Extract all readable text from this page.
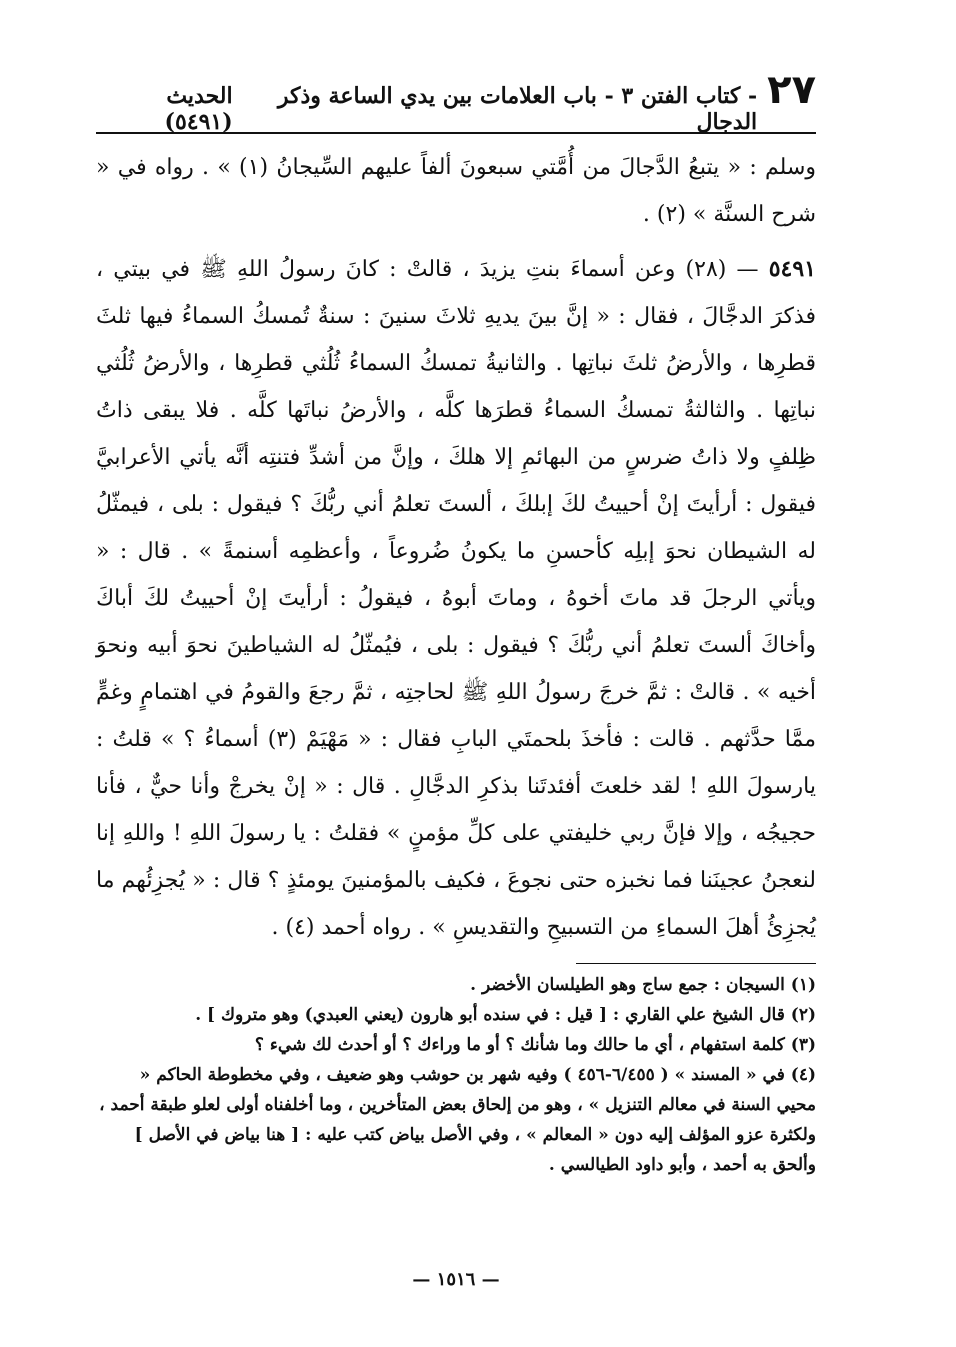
٢٧
- كتاب الفتن ٣ - باب العلامات بين يدي الساعة وذكر الدجال
الحديث (٥٤٩١)

وسلم : « يتبعُ الدَّجالَ من أُمَّتي سبعونَ ألفاً عليهم السِّيجانُ (١) » . رواه في « شرح السنَّة » (٢) .

٥٤٩١ — (٢٨) وعن أسماءَ بنتِ يزيدَ ، قالتْ : كانَ رسولُ اللهِ ﷺ في بيتي ، فذكرَ الدجَّالَ ، فقال : « إنَّ بينَ يديهِ ثلاثَ سنينَ : سنةٌ تُمسكُ السماءُ فيها ثلثَ قطرِها ، والأرضُ ثلثَ نباتِها . والثانيةُ تمسكُ السماءُ ثُلُثي قطرِها ، والأرضُ ثُلُثي نباتِها . والثالثةُ تمسكُ السماءُ قطرَها كلَّه ، والأرضُ نباتَها كلَّه . فلا يبقى ذاتُ ظِلفٍ ولا ذاتُ ضرسٍ من البهائمِ إلا هلكَ ، وإنَّ من أشدِّ فتنتِه أنَّه يأتي الأعرابيَّ فيقول : أرأيتَ إنْ أحييتُ لكَ إبلكَ ، ألستَ تعلمُ أني ربُّكَ ؟ فيقول : بلى ، فيمثّلُ له الشيطان نحوَ إبلِه كأحسنِ ما يكونُ ضُروعاً ، وأعظمِه أسنمةً » . قال : « ويأتي الرجلَ قد ماتَ أخوهُ ، وماتَ أبوهُ ، فيقولُ : أرأيتَ إنْ أحييتُ لكَ أباكَ وأخاكَ ألستَ تعلمُ أني ربُّكَ ؟ فيقول : بلى ، فيُمثّلُ له الشياطينَ نحوَ أبيه ونحوَ أخيه » . قالتْ : ثمَّ خرجَ رسولُ اللهِ ﷺ لحاجتِه ، ثمَّ رجعَ والقومُ في اهتمامٍ وغمٍّ ممَّا حدَّثهم . قالت : فأخذَ بلحمتَي البابِ فقال : « مَهْيَمْ (٣) أسماءُ ؟ » قلتُ : يارسولَ اللهِ ! لقد خلعتَ أفئدتَنا بذكرِ الدجَّالِ . قال : « إنْ يخرجْ وأنا حيٌّ ، فأنا حجيجُه ، وإلا فإنَّ ربي خليفتي على كلِّ مؤمنٍ » فقلتُ : يا رسولَ اللهِ ! واللهِ إنا لنعجنُ عجينَنا فما نخبزه حتى نجوعَ ، فكيف بالمؤمنينَ يومئذٍ ؟ قال : « يُجزِئُهم ما يُجزِئُ أهلَ السماءِ من التسبيحِ والتقديسِ » . رواه أحمد (٤) .

(١) السيجان : جمع ساج وهو الطيلسان الأخضر .

(٢) قال الشيخ علي القاري : [ قيل : في سنده أبو هارون (يعني العبدي) وهو متروك ] .

(٣) كلمة استفهام ، أي ما حالك وما شأنك ؟ أو ما وراءك ؟ أو أحدث لك شيء ؟

(٤) في « المسند » ( ٦/٤٥٥-٤٥٦ ) وفيه شهر بن حوشب وهو ضعيف ، وفي مخطوطة الحاكم « محيي السنة في معالم التنزيل » ، وهو من إلحاق بعض المتأخرين ، وما أخلفناه أولى لعلو طبقة أحمد ، ولكثرة عزو المؤلف إليه دون « المعالم » ، وفي الأصل بياض كتب عليه : [ هنا بياض في الأصل ] وألحق به أحمد ، وأبو داود الطيالسي .

— ١٥١٦ —
